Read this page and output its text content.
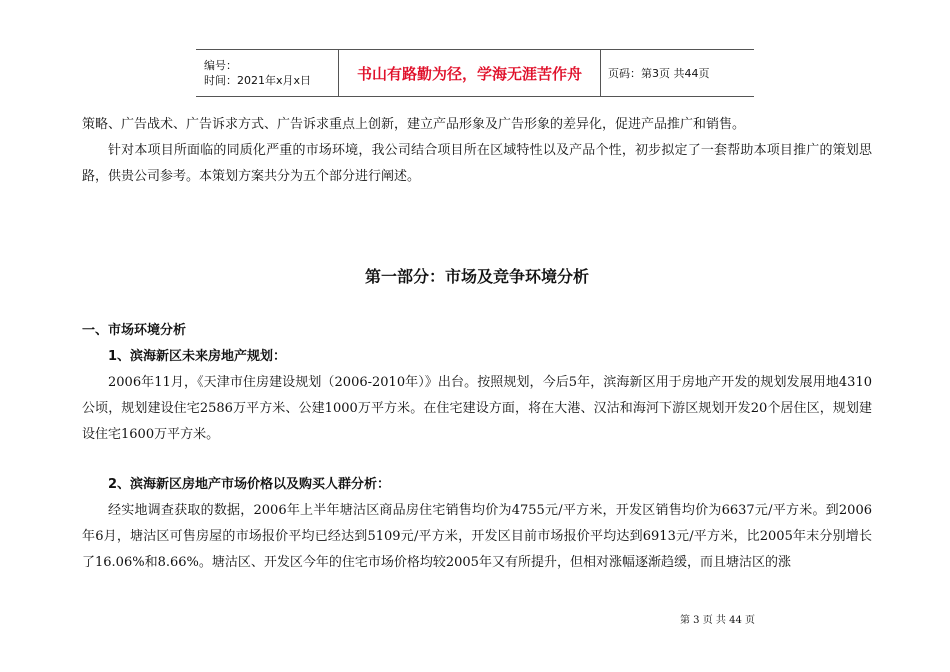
编号：
时间：2021年x月x日	书山有路勤为径，学海无涯苦作舟 页码：第3页 共44页

策略、广告战术、广告诉求方式、广告诉求重点上创新，建立产品形象及广告形象的差异化，促进产品推广和销售。

针对本项目所面临的同质化严重的市场环境，我公司结合项目所在区域特性以及产品个性，初步拟定了一套帮助本项目推广的策划思路，供贵公司参考。本策划方案共分为五个部分进行阐述。

第一部分：市场及竞争环境分析

一、市场环境分析

1、滨海新区未来房地产规划：

2006年11月，《天津市住房建设规划（2006-2010年）》出台。按照规划，今后5年，滨海新区用于房地产开发的规划发展用地4310公顷，规划建设住宅2586万平方米、公建1000万平方米。在住宅建设方面，将在大港、汉沽和海河下游区规划开发20个居住区，规划建设住宅1600万平方米。

2、滨海新区房地产市场价格以及购买人群分析：

经实地调查获取的数据，2006年上半年塘沽区商品房住宅销售均价为4755元/平方米，开发区销售均价为6637元/平方米。到2006年6月，塘沽区可售房屋的市场报价平均已经达到5109元/平方米，开发区目前市场报价平均达到6913元/平方米，比2005年末分别增长了16.06%和8.66%。塘沽区、开发区今年的住宅市场价格均较2005年又有所提升，但相对涨幅逐渐趋缓，而且塘沽区的涨

第 3 页 共 44 页
